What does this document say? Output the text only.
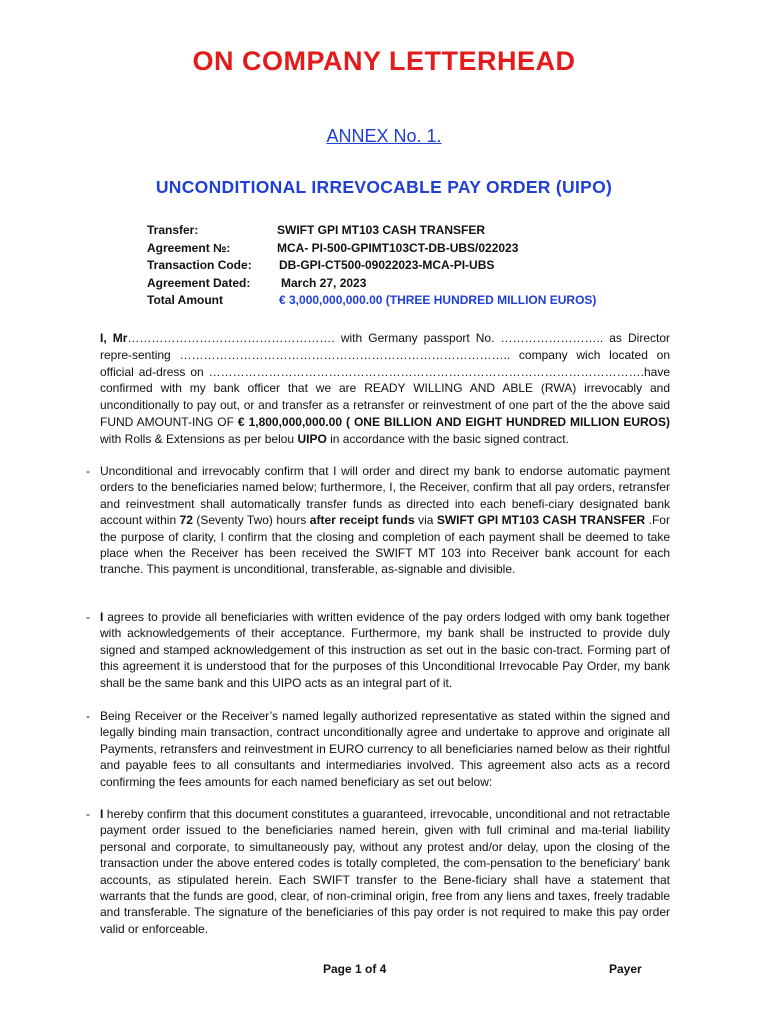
ON COMPANY LETTERHEAD
ANNEX No. 1.
UNCONDITIONAL IRREVOCABLE PAY ORDER (UIPO)
Transfer:	SWIFT GPI MT103 CASH TRANSFER
Agreement №:	MCA- PI-500-GPIMT103CT-DB-UBS/022023
Transaction Code: DB-GPI-CT500-09022023-MCA-PI-UBS
Agreement Dated:	March 27, 2023
Total Amount	€ 3,000,000,000.00 (THREE HUNDRED MILLION EUROS)
I, Mr……………………………………………. with Germany passport No. …………………….. as Director repre-senting ……………………………………………………………………….. company wich located on official ad-dress on ……………………………………………………………………………………………….have confirmed with my bank officer that we are READY WILLING AND ABLE (RWA) irrevocably and unconditionally to pay out, or and transfer as a retransfer or reinvestment of one part of the the above said FUND AMOUNT-ING OF € 1,800,000,000.00 ( ONE BILLION AND EIGHT HUNDRED MILLION EUROS) with Rolls & Extensions as per belou UIPO in accordance with the basic signed contract.
- Unconditional and irrevocably confirm that I will order and direct my bank to endorse automatic payment orders to the beneficiaries named below; furthermore, I, the Receiver, confirm that all pay orders, retransfer and reinvestment shall automatically transfer funds as directed into each benefi-ciary designated bank account within 72 (Seventy Two) hours after receipt funds via SWIFT GPI MT103 CASH TRANSFER .For the purpose of clarity, I confirm that the closing and completion of each payment shall be deemed to take place when the Receiver has been received the SWIFT MT 103 into Receiver bank account for each tranche. This payment is unconditional, transferable, as-signable and divisible.
- I agrees to provide all beneficiaries with written evidence of the pay orders lodged with omy bank together with acknowledgements of their acceptance. Furthermore, my bank shall be instructed to provide duly signed and stamped acknowledgement of this instruction as set out in the basic con-tract. Forming part of this agreement it is understood that for the purposes of this Unconditional Irrevocable Pay Order, my bank shall be the same bank and this UIPO acts as an integral part of it.
- Being Receiver or the Receiver’s named legally authorized representative as stated within the signed and legally binding main transaction, contract unconditionally agree and undertake to approve and originate all Payments, retransfers and reinvestment in EURO currency to all beneficiaries named below as their rightful and payable fees to all consultants and intermediaries involved. This agreement also acts as a record confirming the fees amounts for each named beneficiary as set out below:
- I hereby confirm that this document constitutes a guaranteed, irrevocable, unconditional and not retractable payment order issued to the beneficiaries named herein, given with full criminal and ma-terial liability personal and corporate, to simultaneously pay, without any protest and/or delay, upon the closing of the transaction under the above entered codes is totally completed, the com-pensation to the beneficiary' bank accounts, as stipulated herein. Each SWIFT transfer to the Bene-ficiary shall have a statement that warrants that the funds are good, clear, of non-criminal origin, free from any liens and taxes, freely tradable and transferable. The signature of the beneficiaries of this pay order is not required to make this pay order valid or enforceable.
Page 1 of 4	Payer
